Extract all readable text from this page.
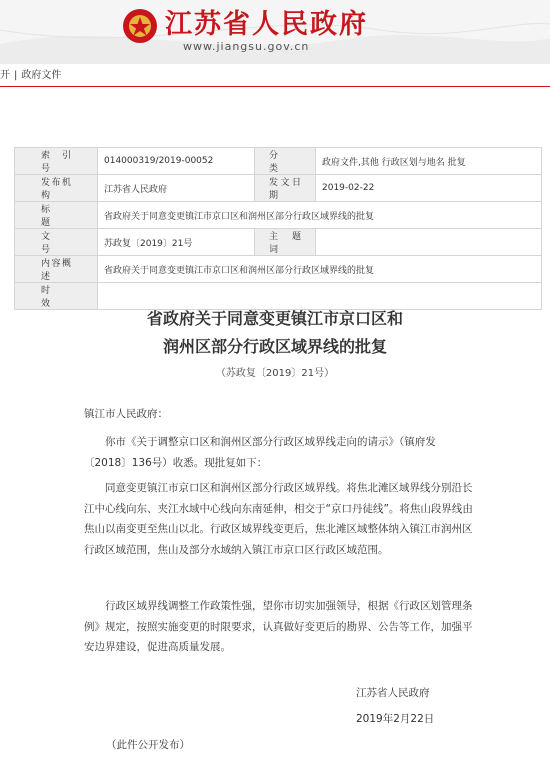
江苏省人民政府
www.jiangsu.gov.cn
开 | 政府文件
索 引 号	014000319/2019-00052	分　　类	政府文件,其他 行政区划与地名 批复
发布机构	江苏省人民政府	发文日期	2019-02-22
标　　题	省政府关于同意变更镇江市京口区和润州区部分行政区域界线的批复		
文　　号	苏政复〔2019〕21号	主 题 词	
内容概述	省政府关于同意变更镇江市京口区和润州区部分行政区域界线的批复		
时　　效			
省政府关于同意变更镇江市京口区和
润州区部分行政区域界线的批复
（苏政复〔2019〕21号）
镇江市人民政府：

你市《关于调整京口区和润州区部分行政区域界线走向的请示》（镇府发〔2018〕136号）收悉。现批复如下：

同意变更镇江市京口区和润州区部分行政区域界线。将焦北滩区域界线分别沿长江中心线向东、夹江水域中心线向东南延伸，相交于“京口丹徒线”。将焦山段界线由焦山以南变更至焦山以北。行政区域界线变更后，焦北滩区域整体纳入镇江市润州区行政区域范围，焦山及部分水域纳入镇江市京口区行政区域范围。

行政区域界线调整工作政策性强，望你市切实加强领导，根据《行政区划管理条例》规定，按照实施变更的时限要求，认真做好变更后的勘界、公告等工作，加强平安边界建设，促进高质量发展。

江苏省人民政府
2019年2月22日
（此件公开发布）
